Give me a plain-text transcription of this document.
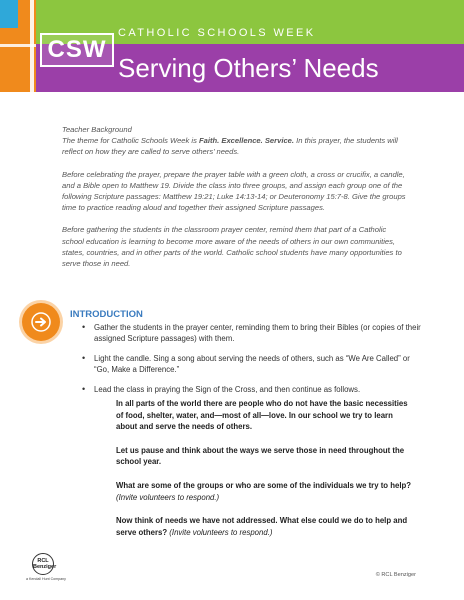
CSW
CATHOLIC SCHOOLS WEEK
Serving Others’ Needs

Teacher Background

The theme for Catholic Schools Week is Faith. Excellence. Service. In this prayer, the students will reflect on how they are called to serve others’ needs.

Before celebrating the prayer, prepare the prayer table with a green cloth, a cross or crucifix, a candle, and a Bible open to Matthew 19. Divide the class into three groups, and assign each group one of the following Scripture passages: Matthew 19:21; Luke 14:13-14; or Deuteronomy 15:7-8. Give the groups time to practice reading aloud and together their assigned Scripture passages.

Before gathering the students in the classroom prayer center, remind them that part of a Catholic school education is learning to become more aware of the needs of others in our own communities, states, countries, and in other parts of the world. Catholic school students have many opportunities to serve those in need.

INTRODUCTION
• Gather the students in the prayer center, reminding them to bring their Bibles (or copies of their assigned Scripture passages) with them.
• Light the candle. Sing a song about serving the needs of others, such as “We Are Called” or “Go, Make a Difference.”
• Lead the class in praying the Sign of the Cross, and then continue as follows.

In all parts of the world there are people who do not have the basic necessities of food, shelter, water, and—most of all—love. In our school we try to learn about and serve the needs of others.

Let us pause and think about the ways we serve those in need throughout the school year.

What are some of the groups or who are some of the individuals we try to help? (Invite volunteers to respond.)

Now think of needs we have not addressed. What else could we do to help and serve others? (Invite volunteers to respond.)

RCL Benziger
a Kendall Hunt Company
© RCL Benziger
